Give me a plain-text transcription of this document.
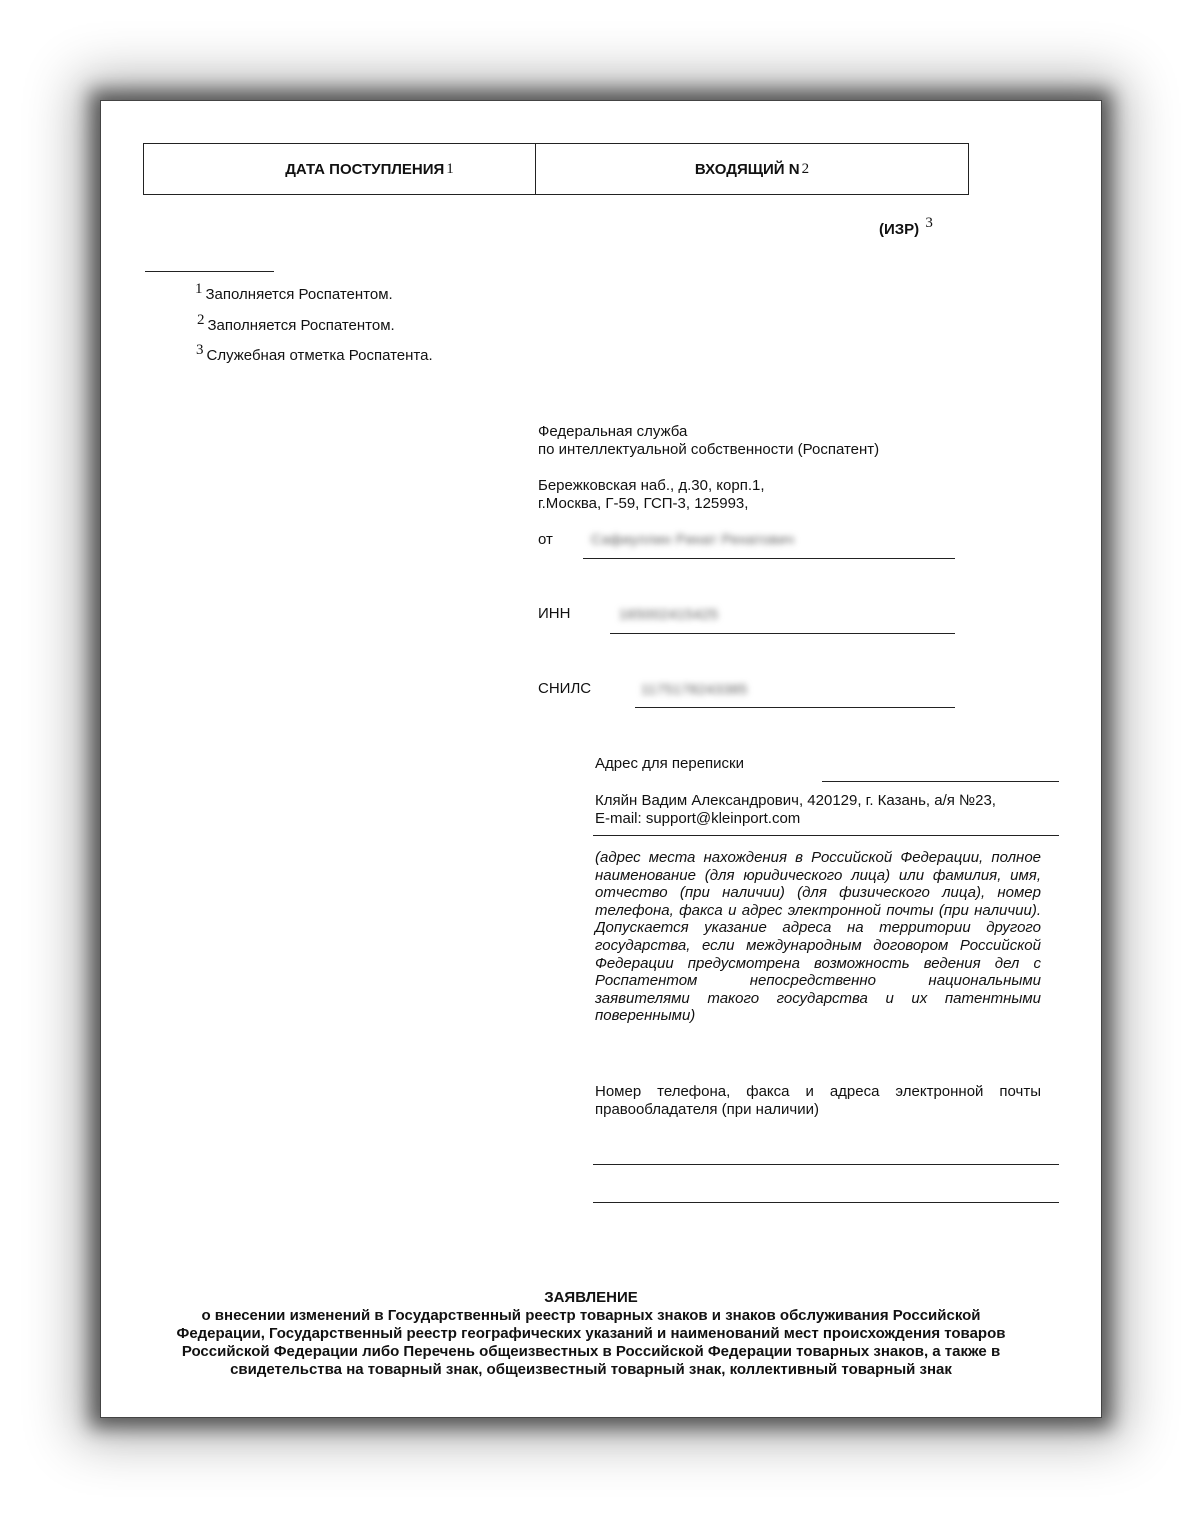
ДАТА ПОСТУПЛЕНИЯ 1	ВХОДЯЩИЙ N 2
(ИЗР) $^3$
$^1$ Заполняется Роспатентом.
$^2$ Заполняется Роспатентом.
$^3$ Служебная отметка Роспатента.
Федеральная служба
по интеллектуальной собственности (Роспатент)
Бережковская наб., д.30, корп.1,
г.Москва, Г-59, ГСП-3, 125993,
от	Сафиуллин Ринат Ренатович
ИНН	165002415425
СНИЛС	1175178243385
Адрес для переписки
Кляйн Вадим Александрович, 420129, г. Казань, а/я №23,
E-mail: support@kleinport.com
(адрес места нахождения в Российской Федерации, полное наименование (для юридического лица) или фамилия, имя, отчество (при наличии) (для физического лица), номер телефона, факса и адрес электронной почты (при наличии). Допускается указание адреса на территории другого государства, если международным договором Российской Федерации предусмотрена возможность ведения дел с Роспатентом непосредственно национальными заявителями такого государства и их патентными поверенными)
Номер телефона, факса и адреса электронной почты правообладателя (при наличии)
ЗАЯВЛЕНИЕ
о внесении изменений в Государственный реестр товарных знаков и знаков обслуживания Российской
Федерации, Государственный реестр географических указаний и наименований мест происхождения товаров
Российской Федерации либо Перечень общеизвестных в Российской Федерации товарных знаков, а также в
свидетельства на товарный знак, общеизвестный товарный знак, коллективный товарный знак
